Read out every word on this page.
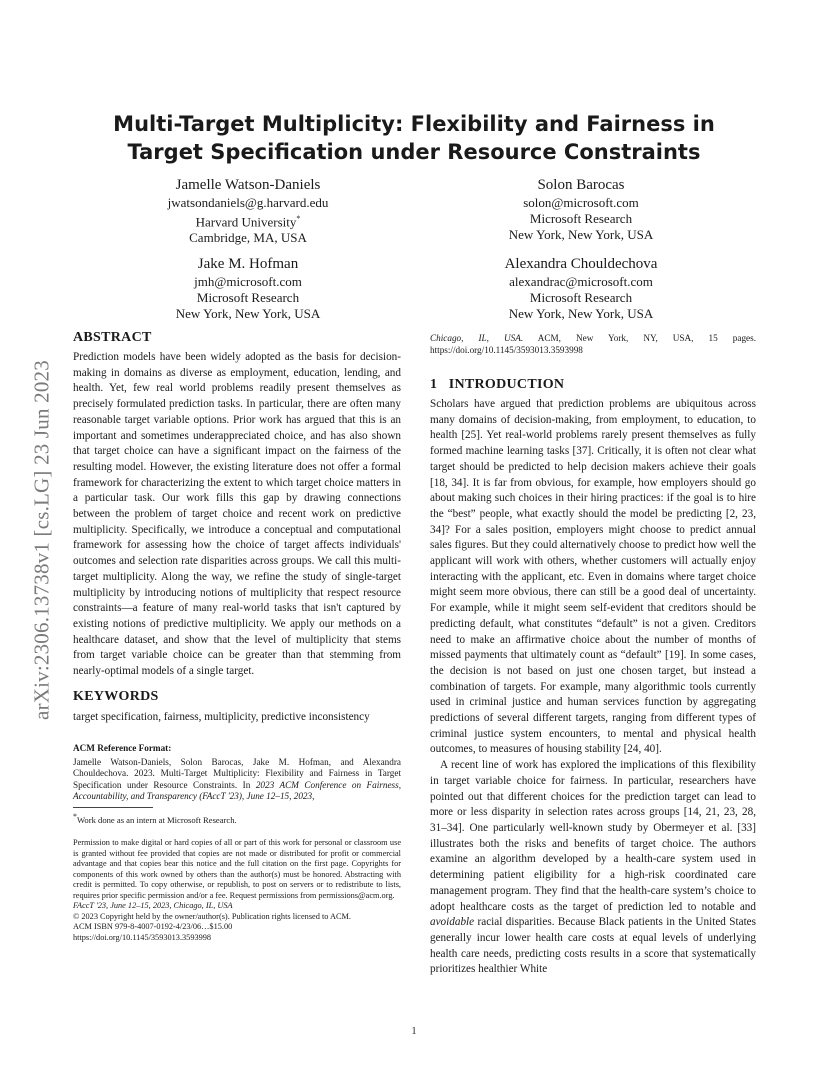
arXiv:2306.13738v1 [cs.LG] 23 Jun 2023
Multi-Target Multiplicity: Flexibility and Fairness in Target Specification under Resource Constraints
Jamelle Watson-Daniels
jwatsondaniels@g.harvard.edu
Harvard University*
Cambridge, MA, USA
Solon Barocas
solon@microsoft.com
Microsoft Research
New York, New York, USA
Jake M. Hofman
jmh@microsoft.com
Microsoft Research
New York, New York, USA
Alexandra Chouldechova
alexandrac@microsoft.com
Microsoft Research
New York, New York, USA
ABSTRACT

Prediction models have been widely adopted as the basis for decision-making in domains as diverse as employment, education, lending, and health. Yet, few real world problems readily present themselves as precisely formulated prediction tasks. In particular, there are often many reasonable target variable options. Prior work has argued that this is an important and sometimes underappreciated choice, and has also shown that target choice can have a significant impact on the fairness of the resulting model. However, the existing literature does not offer a formal framework for characterizing the extent to which target choice matters in a particular task. Our work fills this gap by drawing connections between the problem of target choice and recent work on predictive multiplicity. Specifically, we introduce a conceptual and computational framework for assessing how the choice of target affects individuals' outcomes and selection rate disparities across groups. We call this multi-target multiplicity. Along the way, we refine the study of single-target multiplicity by introducing notions of multiplicity that respect resource constraints—a feature of many real-world tasks that isn't captured by existing notions of predictive multiplicity. We apply our methods on a healthcare dataset, and show that the level of multiplicity that stems from target variable choice can be greater than that stemming from nearly-optimal models of a single target.

KEYWORDS

target specification, fairness, multiplicity, predictive inconsistency

ACM Reference Format:

Jamelle Watson-Daniels, Solon Barocas, Jake M. Hofman, and Alexandra Chouldechova. 2023. Multi-Target Multiplicity: Flexibility and Fairness in Target Specification under Resource Constraints. In 2023 ACM Conference on Fairness, Accountability, and Transparency (FAccT '23), June 12–15, 2023,

*Work done as an intern at Microsoft Research.

Permission to make digital or hard copies of all or part of this work for personal or classroom use is granted without fee provided that copies are not made or distributed for profit or commercial advantage and that copies bear this notice and the full citation on the first page. Copyrights for components of this work owned by others than the author(s) must be honored. Abstracting with credit is permitted. To copy otherwise, or republish, to post on servers or to redistribute to lists, requires prior specific permission and/or a fee. Request permissions from permissions@acm.org.

FAccT '23, June 12–15, 2023, Chicago, IL, USA

© 2023 Copyright held by the owner/author(s). Publication rights licensed to ACM.

ACM ISBN 979-8-4007-0192-4/23/06…$15.00

https://doi.org/10.1145/3593013.3593998

Chicago, IL, USA. ACM, New York, NY, USA, 15 pages. https://doi.org/10.1145/3593013.3593998

1 INTRODUCTION

Scholars have argued that prediction problems are ubiquitous across many domains of decision-making, from employment, to education, to health [25]. Yet real-world problems rarely present themselves as fully formed machine learning tasks [37]. Critically, it is often not clear what target should be predicted to help decision makers achieve their goals [18, 34]. It is far from obvious, for example, how employers should go about making such choices in their hiring practices: if the goal is to hire the “best” people, what exactly should the model be predicting [2, 23, 34]? For a sales position, employers might choose to predict annual sales figures. But they could alternatively choose to predict how well the applicant will work with others, whether customers will actually enjoy interacting with the applicant, etc. Even in domains where target choice might seem more obvious, there can still be a good deal of uncertainty. For example, while it might seem self-evident that creditors should be predicting default, what constitutes “default” is not a given. Creditors need to make an affirmative choice about the number of months of missed payments that ultimately count as “default” [19]. In some cases, the decision is not based on just one chosen target, but instead a combination of targets. For example, many algorithmic tools currently used in criminal justice and human services function by aggregating predictions of several different targets, ranging from different types of criminal justice system encounters, to mental and physical health outcomes, to measures of housing stability [24, 40].

A recent line of work has explored the implications of this flexibility in target variable choice for fairness. In particular, researchers have pointed out that different choices for the prediction target can lead to more or less disparity in selection rates across groups [14, 21, 23, 28, 31–34]. One particularly well-known study by Obermeyer et al. [33] illustrates both the risks and benefits of target choice. The authors examine an algorithm developed by a health-care system used in determining patient eligibility for a high-risk coordinated care management program. They find that the health-care system’s choice to adopt healthcare costs as the target of prediction led to notable and avoidable racial disparities. Because Black patients in the United States generally incur lower health care costs at equal levels of underlying health care needs, predicting costs results in a score that systematically prioritizes healthier White

1
